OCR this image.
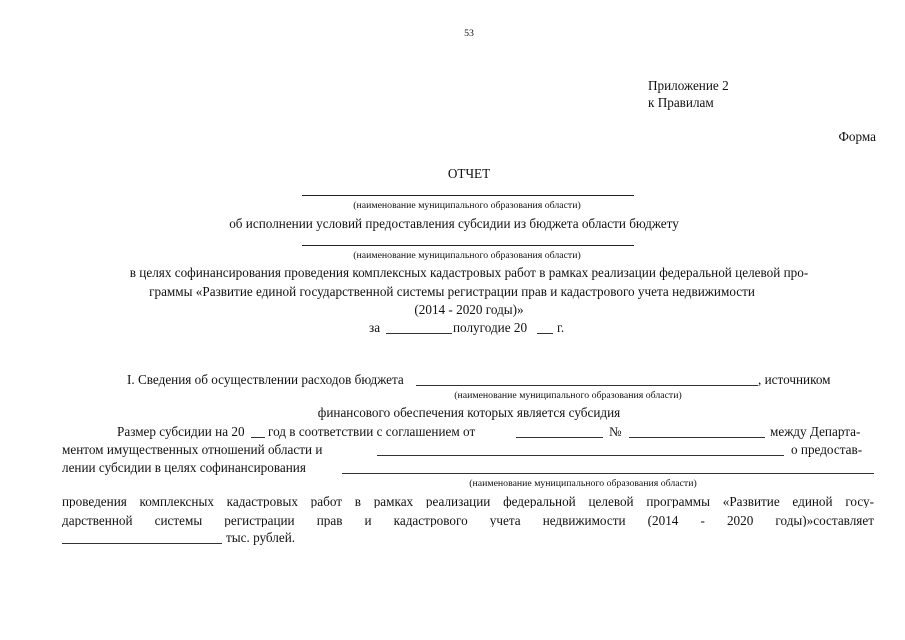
53
Приложение 2
к Правилам
Форма
ОТЧЕТ
(наименование муниципального образования области)
об исполнении условий предоставления субсидии из бюджета области бюджету
(наименование муниципального образования области)
в целях софинансирования проведения комплексных кадастровых работ в рамках реализации федеральной целевой про-
граммы «Развитие единой государственной системы регистрации прав и кадастрового учета недвижимости
(2014 - 2020 годы)»
за	полугодие 20 г.
I. Сведения об осуществлении расходов бюджета	, источником
(наименование муниципального образования области)
финансового обеспечения которых является субсидия
Размер субсидии на 20 год в соответствии с соглашением от	№	между Департа-
ментом имущественных отношений области и	о предостав-
лении субсидии в целях софинансирования
(наименование муниципального образования области)
проведения комплексных кадастровых работ в рамках реализации федеральной целевой программы «Развитие единой госу-
дарственной системы регистрации прав и кадастрового учета недвижимости (2014 - 2020 годы)»составляет
тыс. рублей.
